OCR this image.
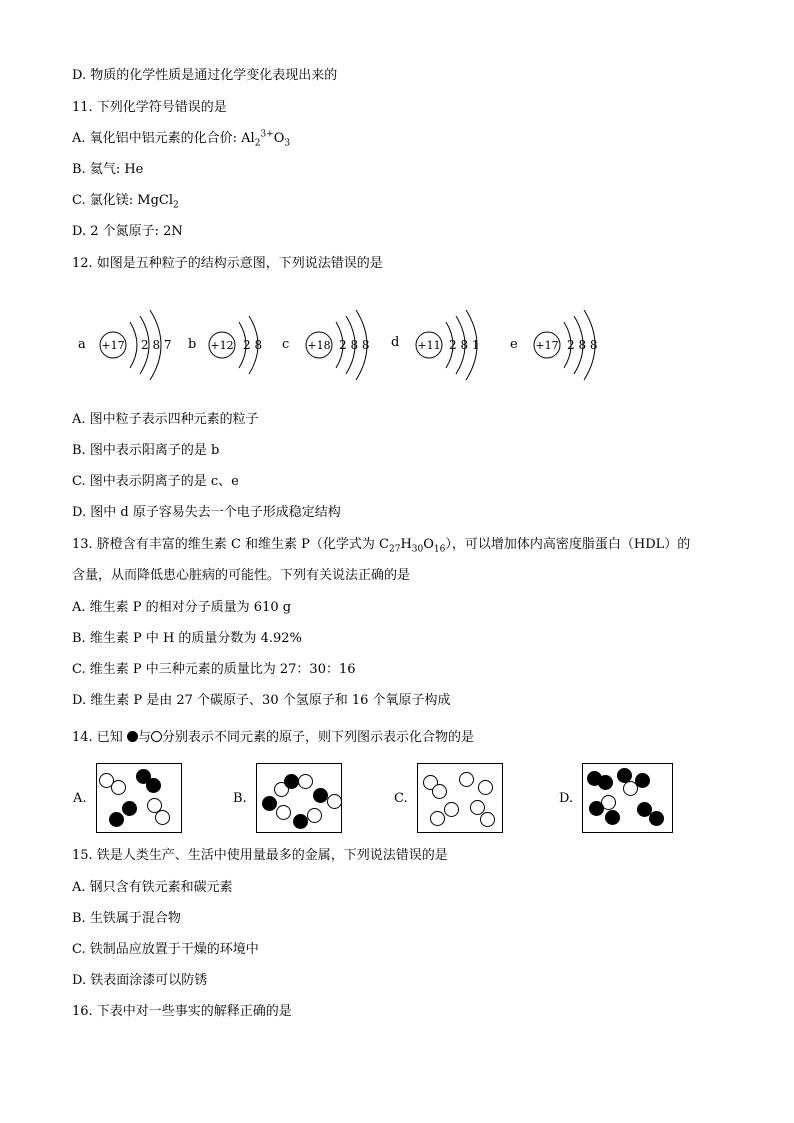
D. 物质的化学性质是通过化学变化表现出来的
11. 下列化学符号错误的是
A. 氧化铝中铝元素的化合价: $Al_2^{3+}O_3$
B. 氦气: He
C. 氯化镁: MgCl$_2$
D. 2 个氮原子: 2N
12. 如图是五种粒子的结构示意图，下列说法错误的是
a +17 2 8 7 b +12 2 8 c +18 2 8 8 d +11 2 8 1 e +17 2 8 8
A. 图中粒子表示四种元素的粒子
B. 图中表示阳离子的是 b
C. 图中表示阴离子的是 c、e
D. 图中 d 原子容易失去一个电子形成稳定结构
13. 脐橙含有丰富的维生素 C 和维生素 P（化学式为 $C_{27}H_{30}O_{16}$），可以增加体内高密度脂蛋白（HDL）的
含量，从而降低患心脏病的可能性。下列有关说法正确的是
A. 维生素 P 的相对分子质量为 610 g
B. 维生素 P 中 H 的质量分数为 4.92%
C. 维生素 P 中三种元素的质量比为 27：30：16
D. 维生素 P 是由 27 个碳原子、30 个氢原子和 16 个氧原子构成
14. 已知 与 分别表示不同元素的原子，则下列图示表示化合物的是
A.	B.	C.	D.
15. 铁是人类生产、生活中使用量最多的金属，下列说法错误的是
A. 钢只含有铁元素和碳元素
B. 生铁属于混合物
C. 铁制品应放置于干燥的环境中
D. 铁表面涂漆可以防锈
16. 下表中对一些事实的解释正确的是
